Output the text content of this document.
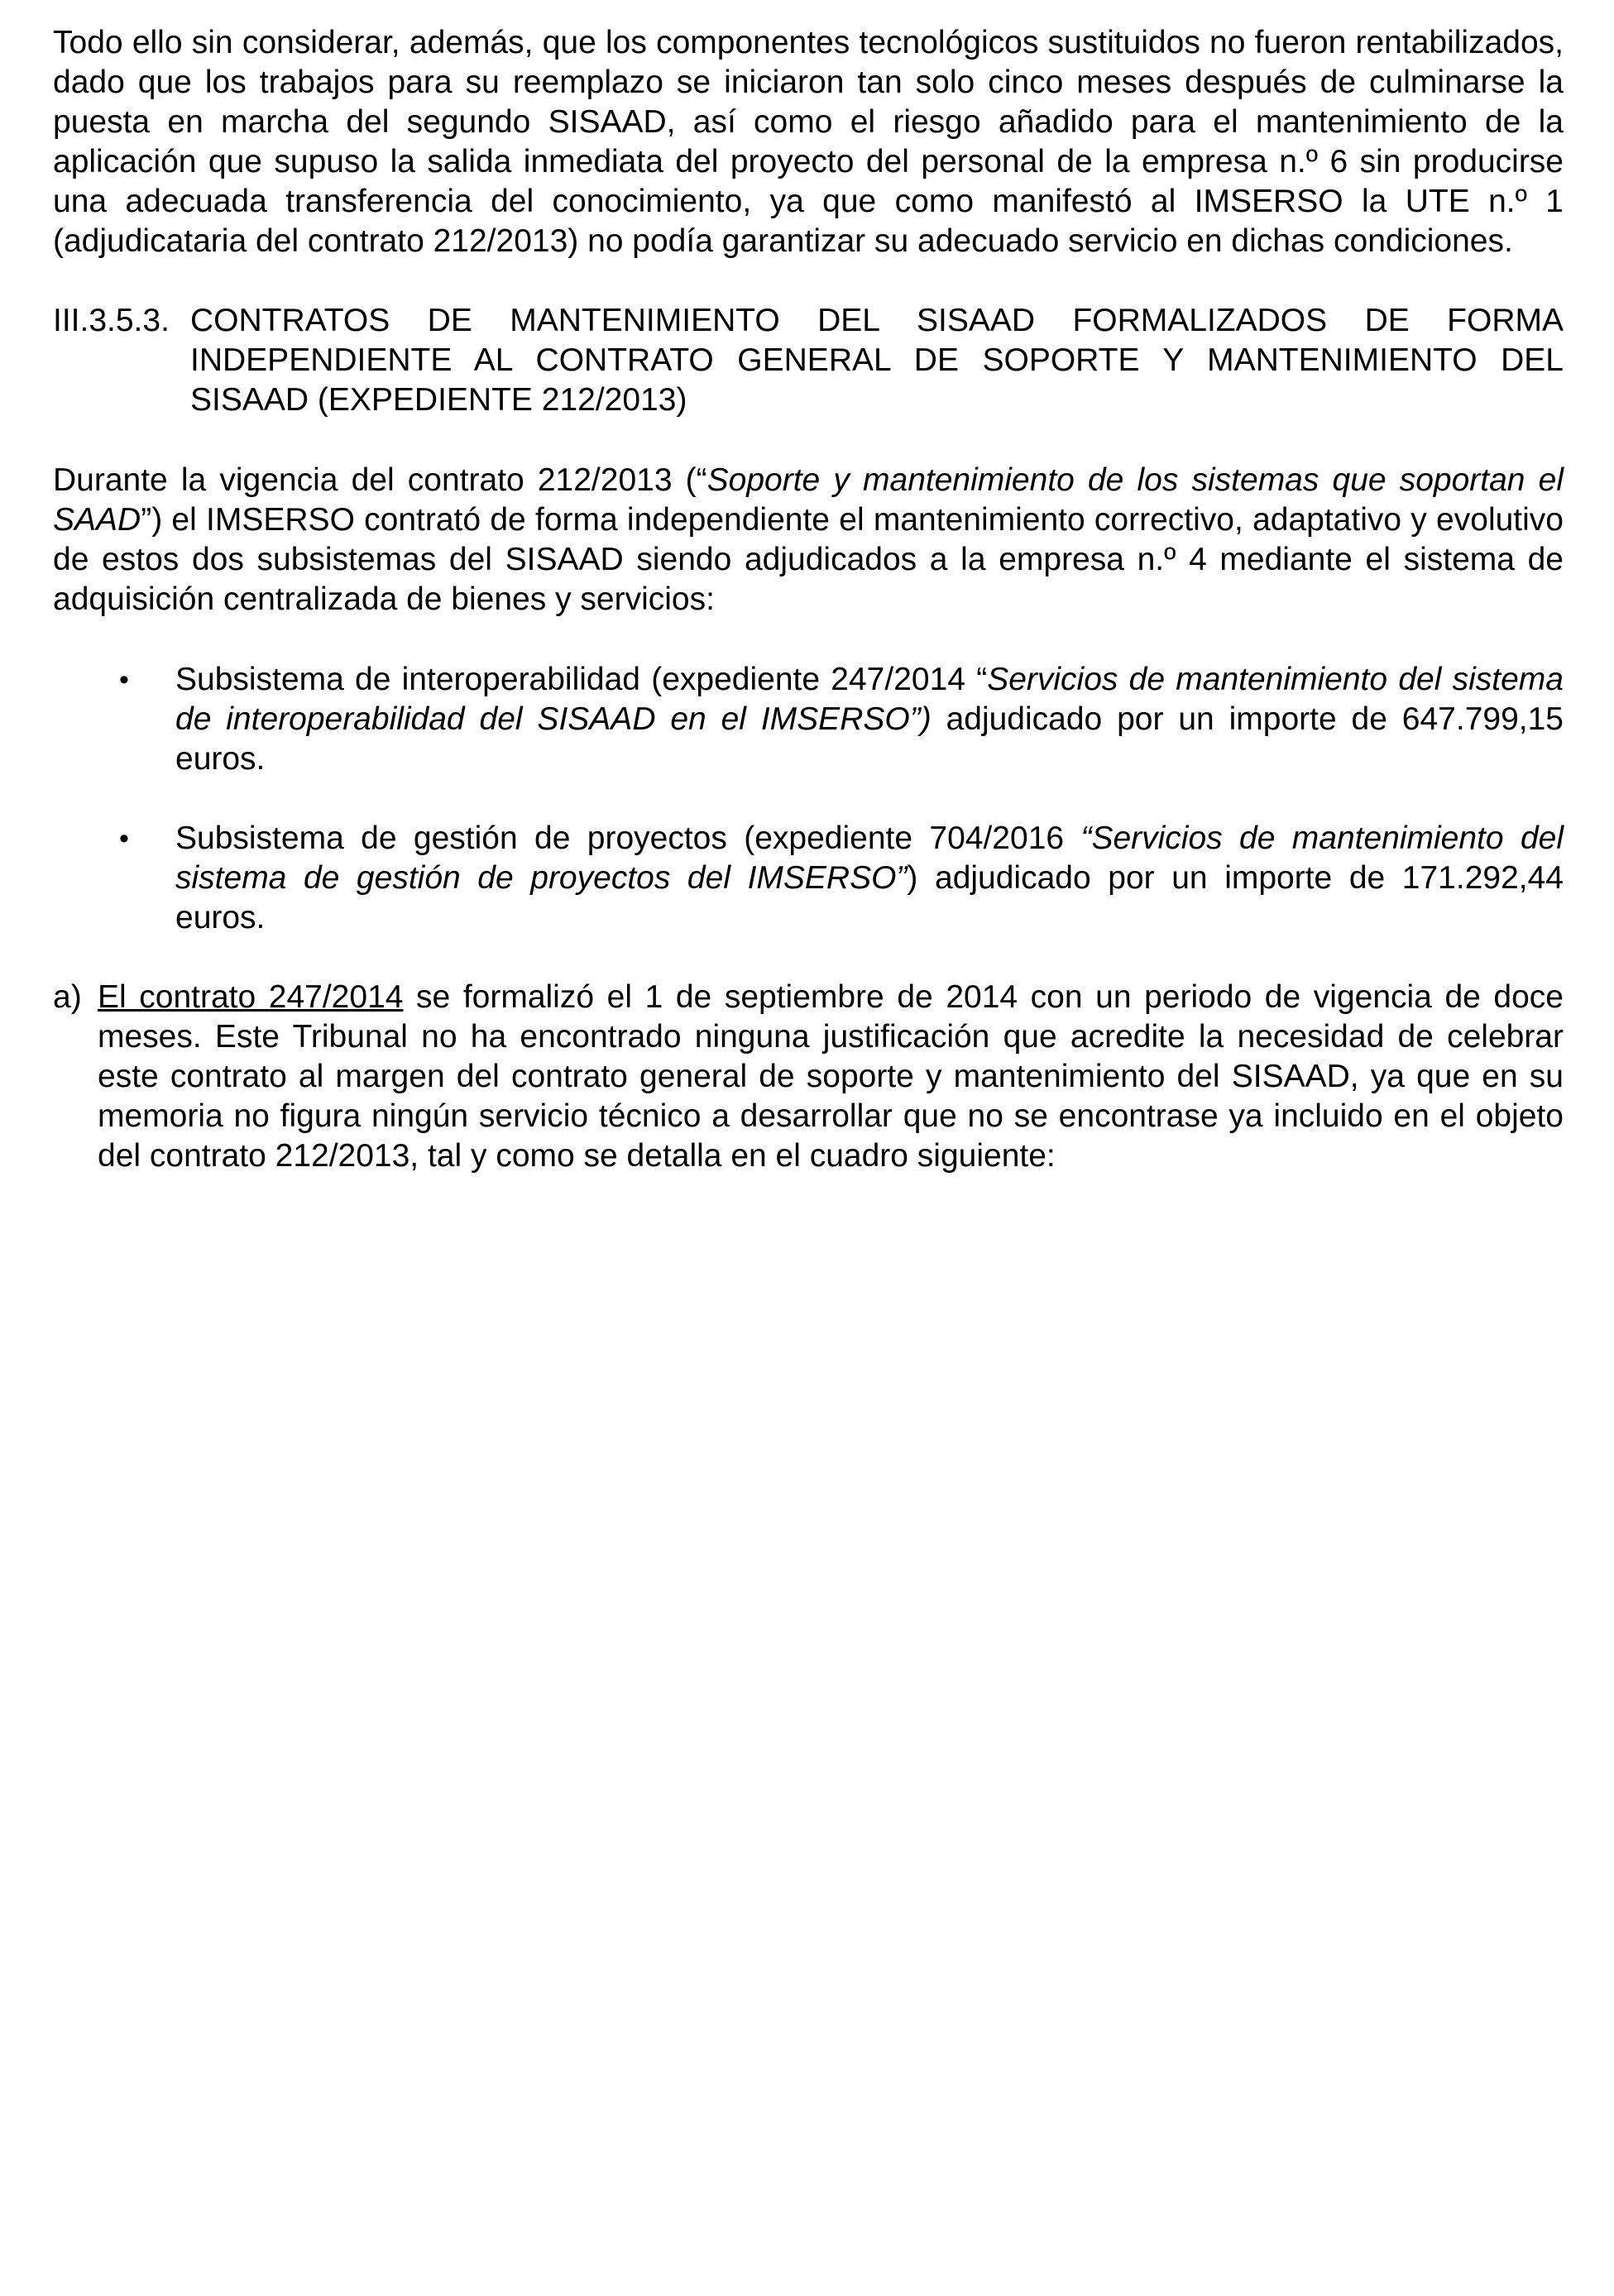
Todo ello sin considerar, además, que los componentes tecnológicos sustituidos no fueron rentabilizados, dado que los trabajos para su reemplazo se iniciaron tan solo cinco meses después de culminarse la puesta en marcha del segundo SISAAD, así como el riesgo añadido para el mantenimiento de la aplicación que supuso la salida inmediata del proyecto del personal de la empresa n.º 6 sin producirse una adecuada transferencia del conocimiento, ya que como manifestó al IMSERSO la UTE n.º 1 (adjudicataria del contrato 212/2013) no podía garantizar su adecuado servicio en dichas condiciones.

III.3.5.3. CONTRATOS DE MANTENIMIENTO DEL SISAAD FORMALIZADOS DE FORMA INDEPENDIENTE AL CONTRATO GENERAL DE SOPORTE Y MANTENIMIENTO DEL SISAAD (EXPEDIENTE 212/2013)

Durante la vigencia del contrato 212/2013 (“Soporte y mantenimiento de los sistemas que soportan el SAAD”) el IMSERSO contrató de forma independiente el mantenimiento correctivo, adaptativo y evolutivo de estos dos subsistemas del SISAAD siendo adjudicados a la empresa n.º 4 mediante el sistema de adquisición centralizada de bienes y servicios:

•	Subsistema de interoperabilidad (expediente 247/2014 “Servicios de mantenimiento del sistema de interoperabilidad del SISAAD en el IMSERSO”) adjudicado por un importe de 647.799,15 euros.
•	Subsistema de gestión de proyectos (expediente 704/2016 “Servicios de mantenimiento del sistema de gestión de proyectos del IMSERSO”) adjudicado por un importe de 171.292,44 euros.
a) El contrato 247/2014 se formalizó el 1 de septiembre de 2014 con un periodo de vigencia de doce meses. Este Tribunal no ha encontrado ninguna justificación que acredite la necesidad de celebrar este contrato al margen del contrato general de soporte y mantenimiento del SISAAD, ya que en su memoria no figura ningún servicio técnico a desarrollar que no se encontrase ya incluido en el objeto del contrato 212/2013, tal y como se detalla en el cuadro siguiente:
